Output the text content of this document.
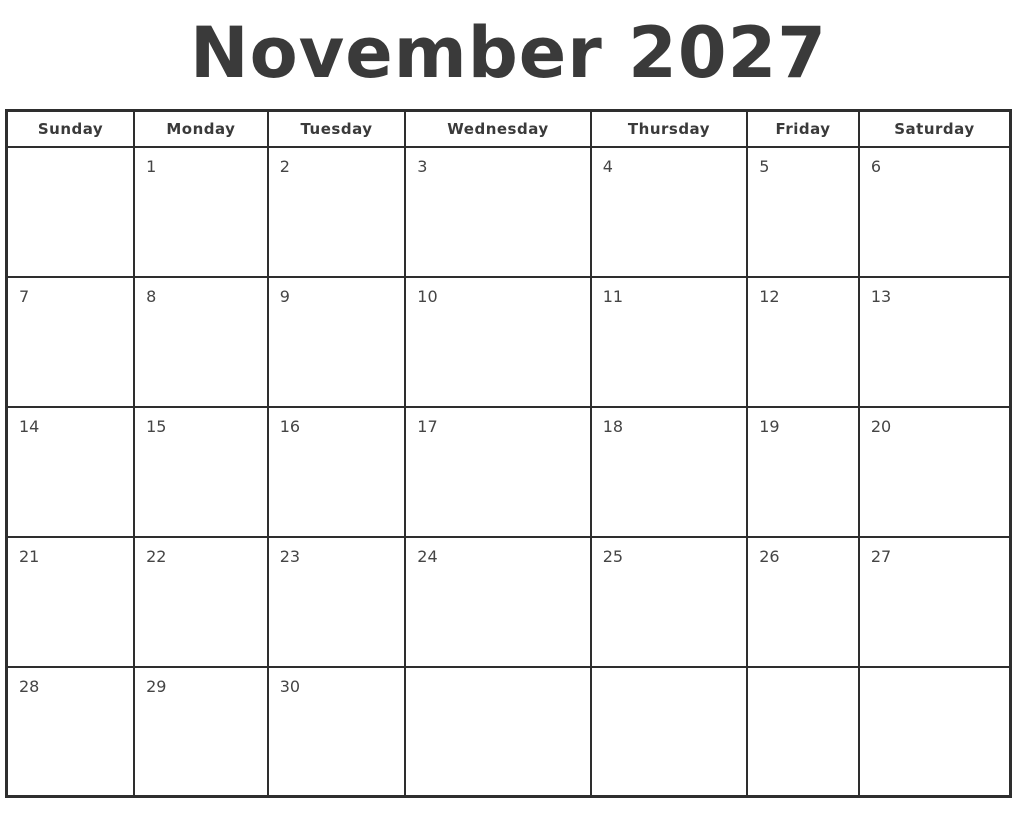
November 2027
Sunday	Monday	Tuesday	Wednesday	Thursday	Friday	Saturday
	1	2	3	4	5	6
7	8	9	10	11	12	13
14	15	16	17	18	19	20
21	22	23	24	25	26	27
28	29	30				
